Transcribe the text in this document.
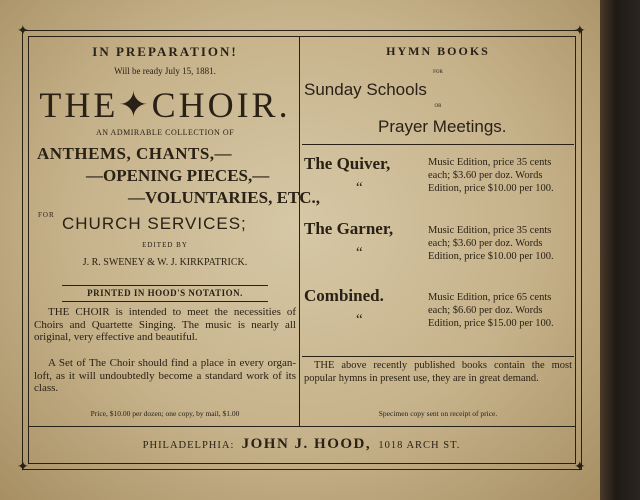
✦	✦
✦	✦
IN PREPARATION!
Will be ready July 15, 1881.
THE✦CHOIR.
AN ADMIRABLE COLLECTION OF
ANTHEMS, CHANTS,—
—OPENING PIECES,—
—VOLUNTARIES, ETC.,
FOR CHURCH SERVICES;
EDITED BY
J. R. SWENEY & W. J. KIRKPATRICK.
PRINTED IN HOOD'S NOTATION.
THE CHOIR is intended to meet the necessities of Choirs and Quartette Singing. The music is nearly all original, very effective and beautiful.
A Set of The Choir should find a place in every organ-loft, as it will undoubtedly become a standard work of its class.
Price, $10.00 per dozen; one copy, by mail, $1.00
HYMN BOOKS
FOR
Sunday Schools
OR
Prayer Meetings.
The Quiver,
“
Music Edition, price 35 cents each; $3.60 per doz. Words Edition, price $10.00 per 100.
The Garner,
“
Music Edition, price 35 cents each; $3.60 per doz. Words Edition, price $10.00 per 100.
Combined.
“
Music Edition, price 65 cents each; $6.60 per doz. Words Edition, price $15.00 per 100.
THE above recently published books contain the most popular hymns in present use, they are in great demand.
Specimen copy sent on receipt of price.
PHILADELPHIA: JOHN J. HOOD, 1018 ARCH ST.
